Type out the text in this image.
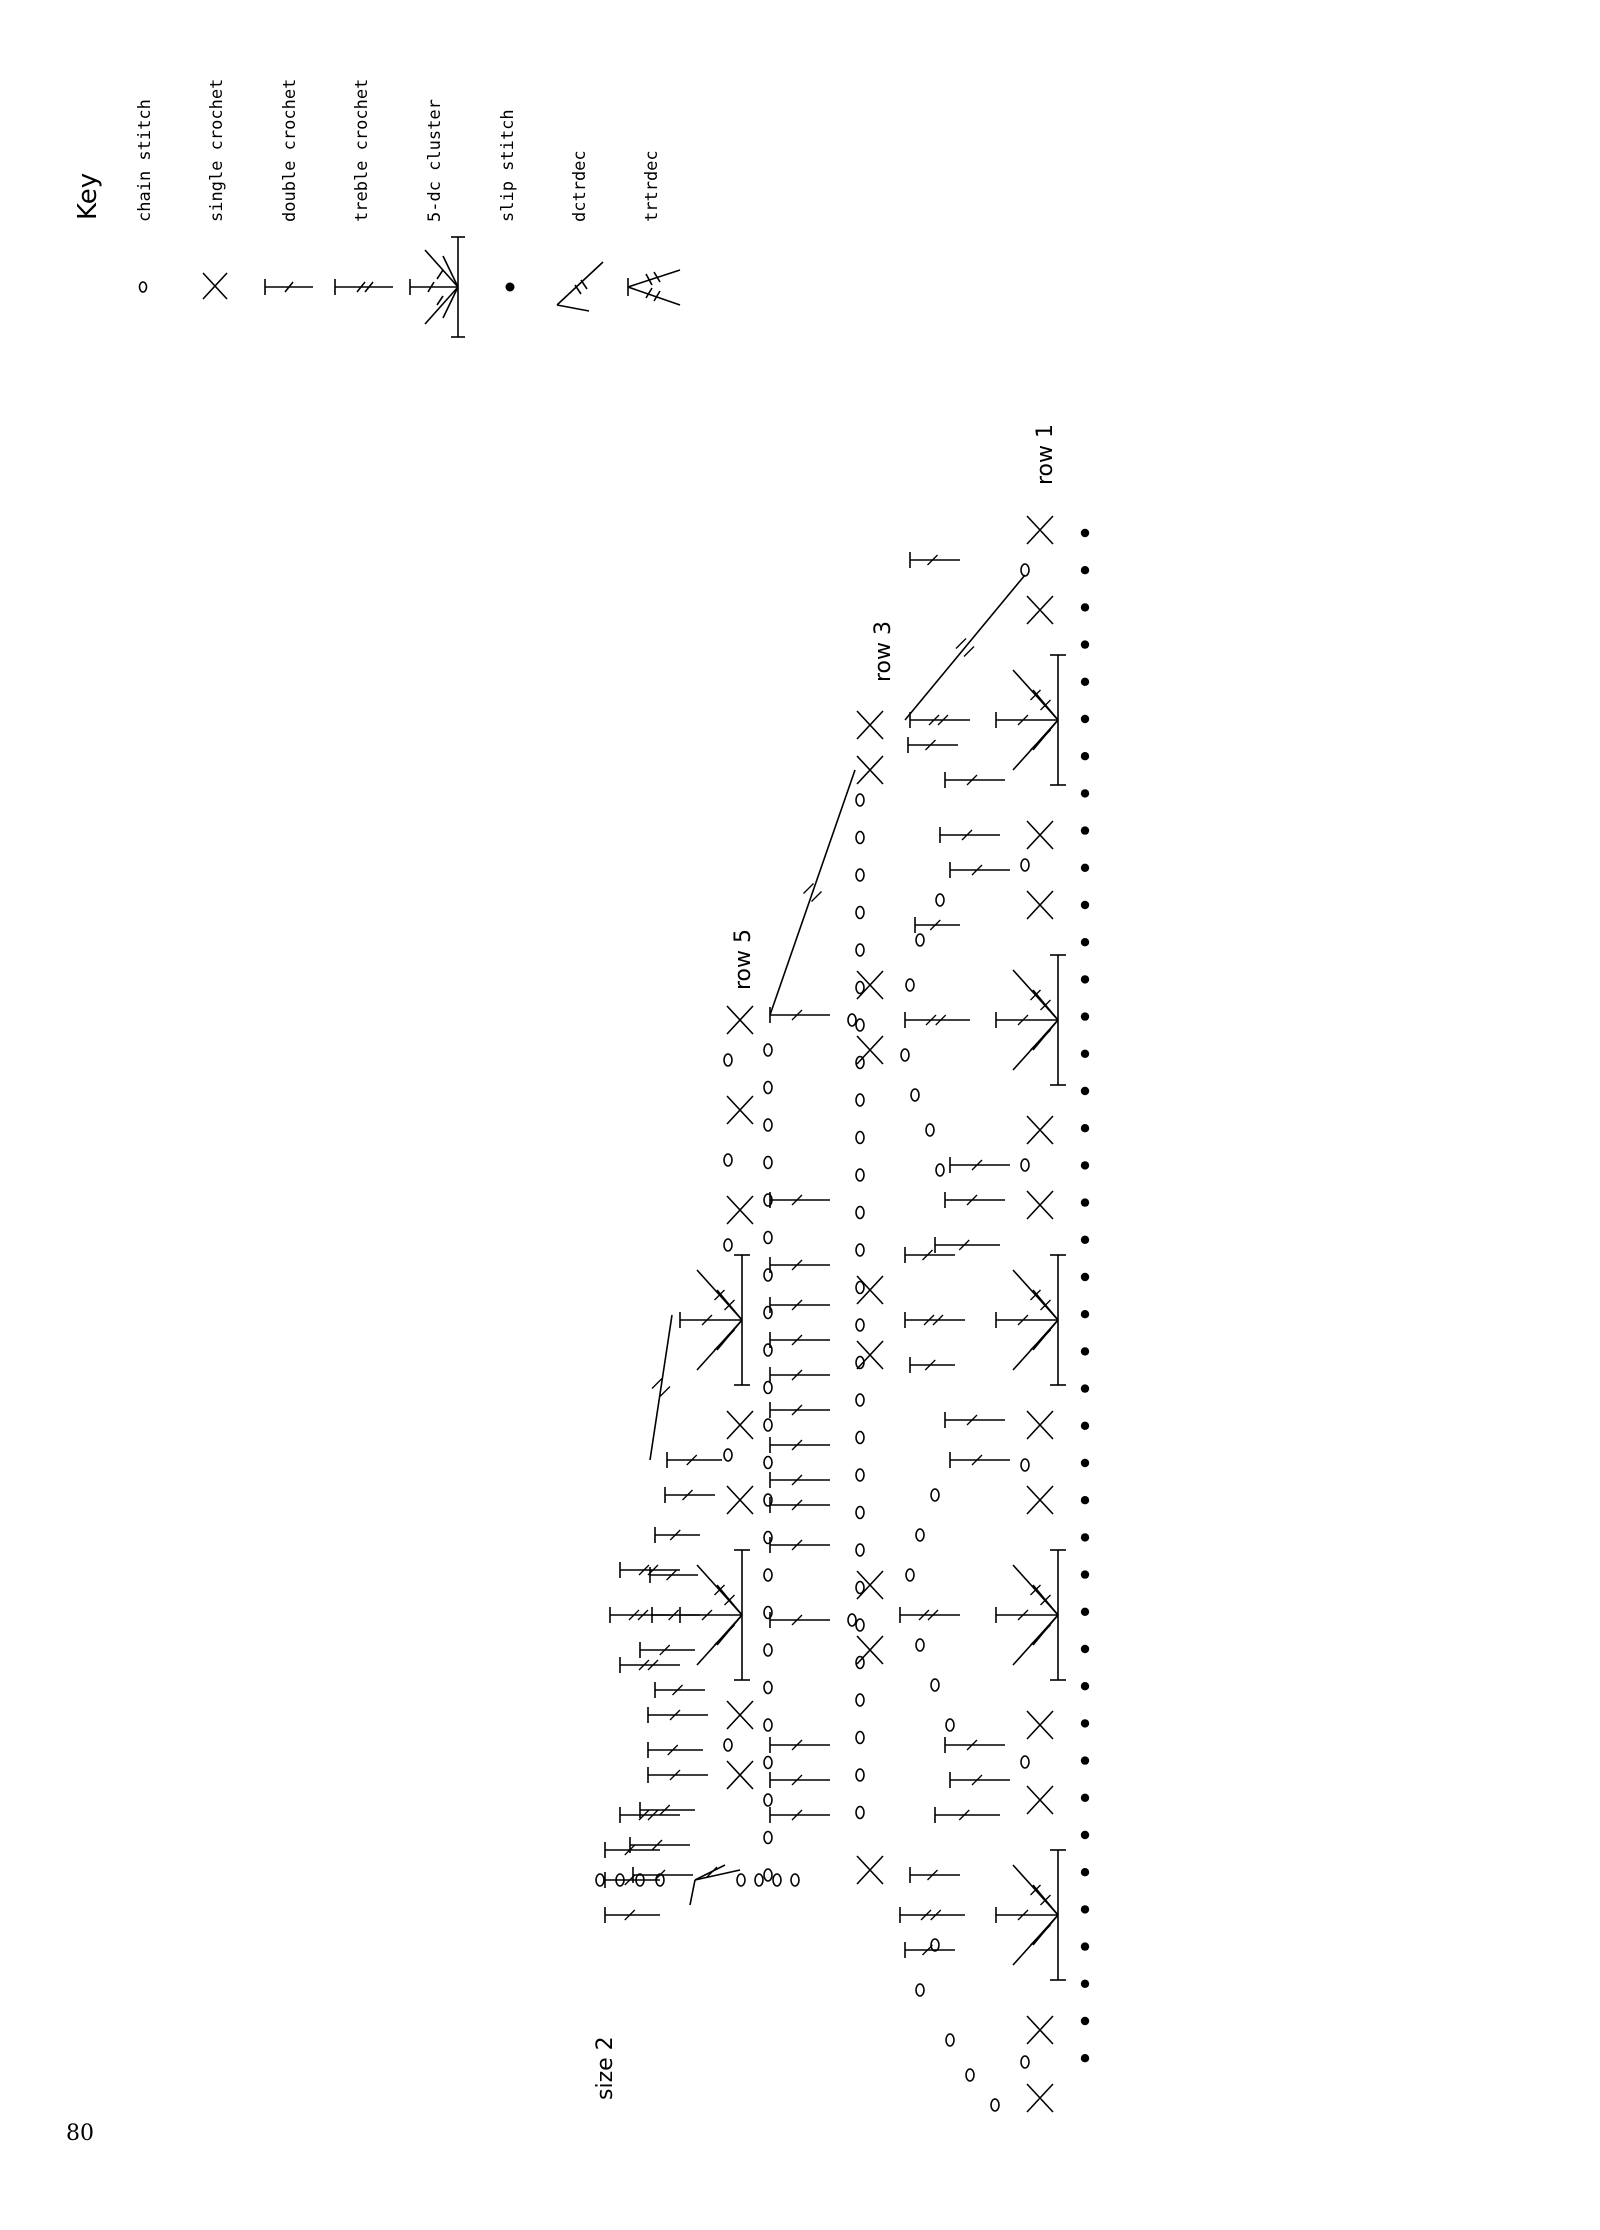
Key chain stitch	single crochet	double crochet	treble crochet	5-dc cluster	slip stitch	dctrdec	trtrdec
row 1
row 3
row 5
size 2
80
